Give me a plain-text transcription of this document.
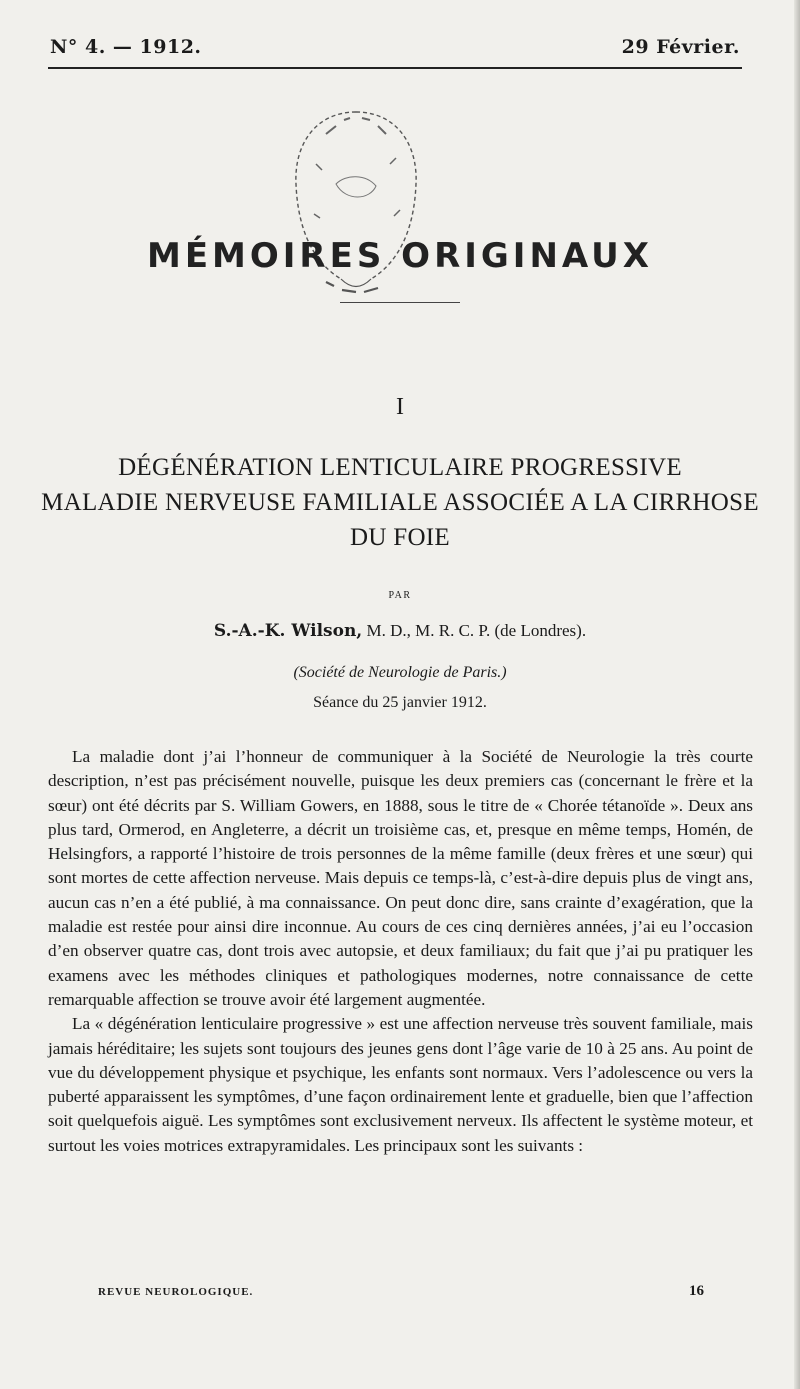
N° 4. — 1912.	29 Février.
MÉMOIRES ORIGINAUX
I
DÉGÉNÉRATION LENTICULAIRE PROGRESSIVE
MALADIE NERVEUSE FAMILIALE ASSOCIÉE A LA CIRRHOSE
DU FOIE
PAR
S.-A.-K. Wilson, M. D., M. R. C. P. (de Londres).
(Société de Neurologie de Paris.)
Séance du 25 janvier 1912.

La maladie dont j’ai l’honneur de communiquer à la Société de Neurologie la très courte description, n’est pas précisément nouvelle, puisque les deux premiers cas (concernant le frère et la sœur) ont été décrits par S. William Gowers, en 1888, sous le titre de « Chorée tétanoïde ». Deux ans plus tard, Ormerod, en Angleterre, a décrit un troisième cas, et, presque en même temps, Homén, de Helsingfors, a rapporté l’histoire de trois personnes de la même famille (deux frères et une sœur) qui sont mortes de cette affection nerveuse. Mais depuis ce temps-là, c’est-à-dire depuis plus de vingt ans, aucun cas n’en a été publié, à ma connaissance. On peut donc dire, sans crainte d’exagération, que la maladie est restée pour ainsi dire inconnue. Au cours de ces cinq dernières années, j’ai eu l’occasion d’en observer quatre cas, dont trois avec autopsie, et deux familiaux; du fait que j’ai pu pratiquer les examens avec les méthodes cliniques et pathologiques modernes, notre connaissance de cette remarquable affection se trouve avoir été largement augmentée.

La « dégénération lenticulaire progressive » est une affection nerveuse très souvent familiale, mais jamais héréditaire; les sujets sont toujours des jeunes gens dont l’âge varie de 10 à 25 ans. Au point de vue du développement physique et psychique, les enfants sont normaux. Vers l’adolescence ou vers la puberté apparaissent les symptômes, d’une façon ordinairement lente et graduelle, bien que l’affection soit quelquefois aiguë. Les symptômes sont exclusivement nerveux. Ils affectent le système moteur, et surtout les voies motrices extrapyramidales. Les principaux sont les suivants :

REVUE NEUROLOGIQUE.	16
